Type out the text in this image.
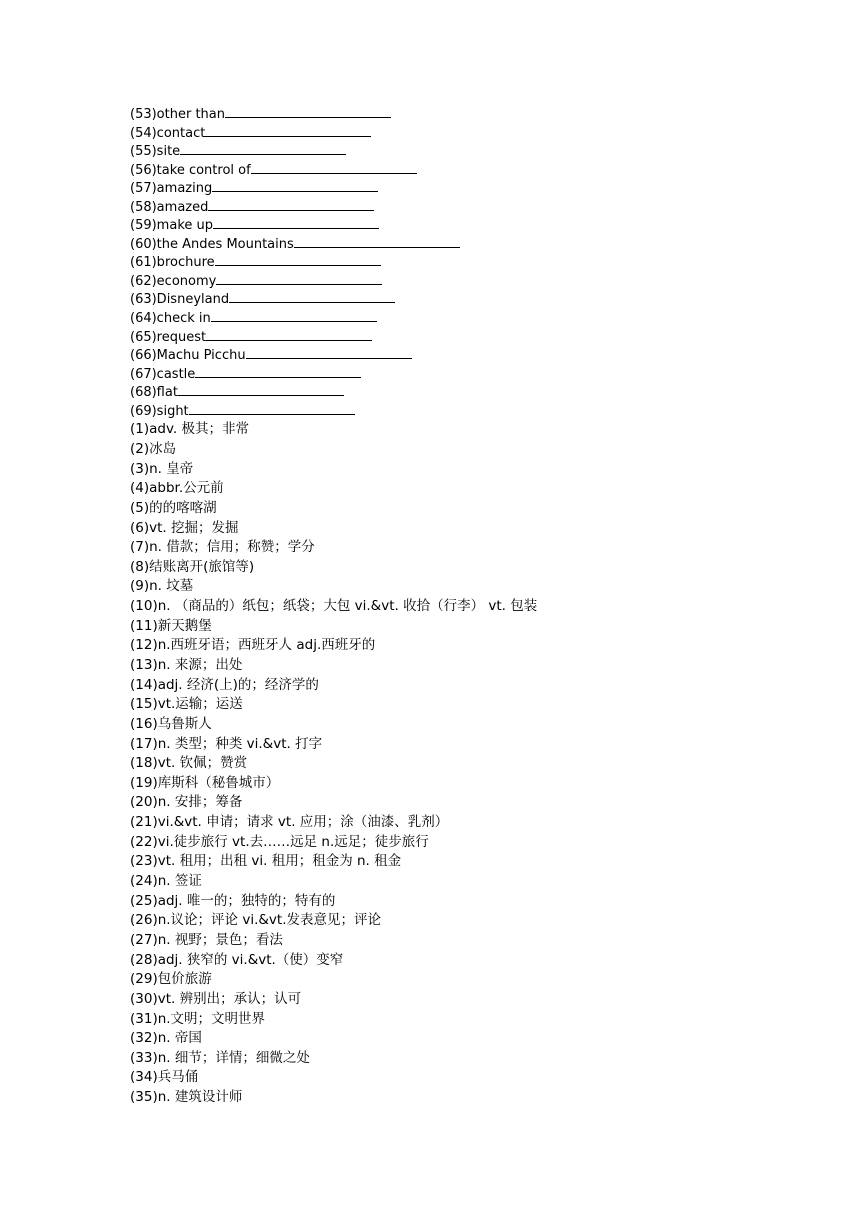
(53)other than
(54)contact
(55)site
(56)take control of
(57)amazing
(58)amazed
(59)make up
(60)the Andes Mountains
(61)brochure
(62)economy
(63)Disneyland
(64)check in
(65)request
(66)Machu Picchu
(67)castle
(68)flat
(69)sight
(1)adv. 极其；非常
(2)冰岛
(3)n. 皇帝
(4)abbr.公元前
(5)的的喀喀湖
(6)vt. 挖掘；发掘
(7)n. 借款；信用；称赞；学分
(8)结账离开(旅馆等)
(9)n. 坟墓
(10)n. （商品的）纸包；纸袋；大包 vi.&vt. 收拾（行李） vt. 包装
(11)新天鹅堡
(12)n.西班牙语；西班牙人 adj.西班牙的
(13)n. 来源；出处
(14)adj. 经济(上)的；经济学的
(15)vt.运输；运送
(16)乌鲁斯人
(17)n. 类型；种类 vi.&vt. 打字
(18)vt. 钦佩；赞赏
(19)库斯科（秘鲁城市）
(20)n. 安排；筹备
(21)vi.&vt. 申请；请求 vt. 应用；涂（油漆、乳剂）
(22)vi.徒步旅行 vt.去……远足 n.远足；徒步旅行
(23)vt. 租用；出租 vi. 租用；租金为 n. 租金
(24)n. 签证
(25)adj. 唯一的；独特的；特有的
(26)n.议论；评论 vi.&vt.发表意见；评论
(27)n. 视野；景色；看法
(28)adj. 狭窄的 vi.&vt.（使）变窄
(29)包价旅游
(30)vt. 辨别出；承认；认可
(31)n.文明；文明世界
(32)n. 帝国
(33)n. 细节；详情；细微之处
(34)兵马俑
(35)n. 建筑设计师
